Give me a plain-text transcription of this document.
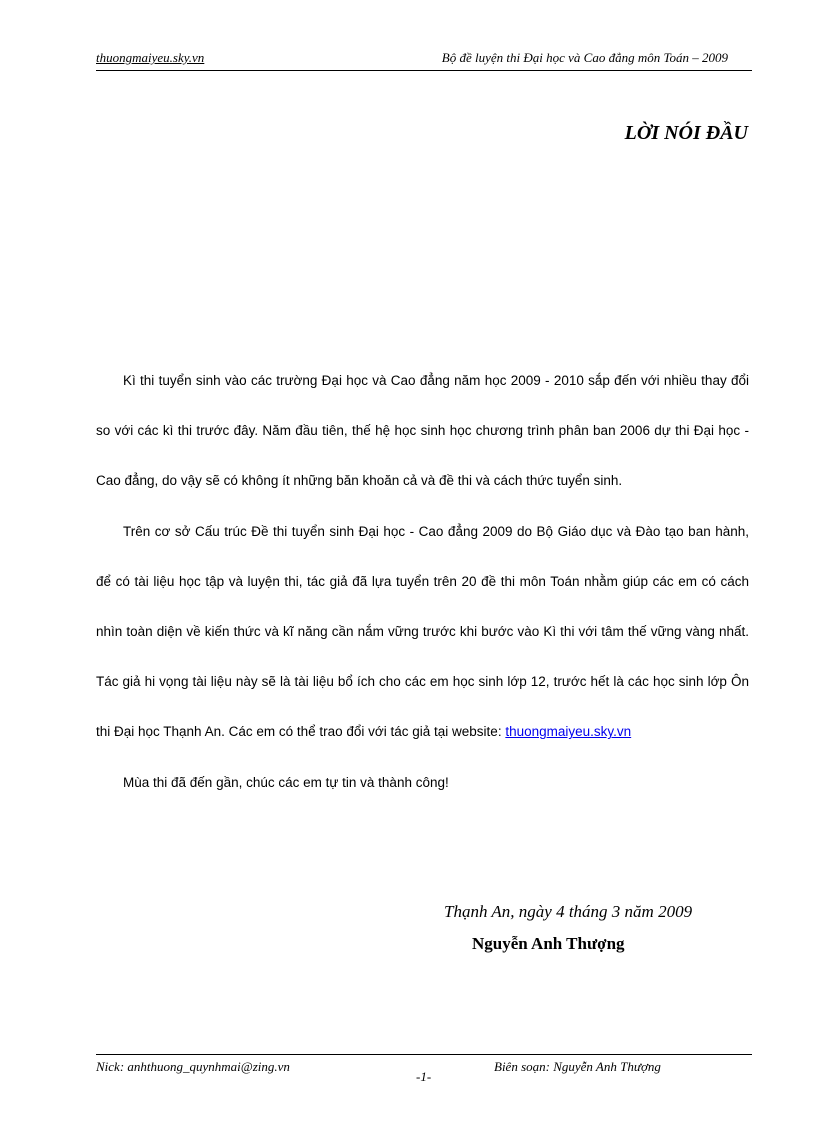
thuongmaiyeu.sky.vn	Bộ đề luyện thi Đại học và Cao đẳng môn Toán – 2009
LỜI NÓI ĐẦU

Kì thi tuyển sinh vào các trường Đại học và Cao đẳng năm học 2009 - 2010 sắp đến với nhiều thay đổi so với các kì thi trước đây. Năm đầu tiên, thế hệ học sinh học chương trình phân ban 2006 dự thi Đại học - Cao đẳng, do vậy sẽ có không ít những băn khoăn cả và đề thi và cách thức tuyển sinh.

Trên cơ sở Cấu trúc Đề thi tuyển sinh Đại học - Cao đẳng 2009 do Bộ Giáo dục và Đào tạo ban hành, để có tài liệu học tập và luyện thi, tác giả đã lựa tuyển trên 20 đề thi môn Toán nhằm giúp các em có cách nhìn toàn diện về kiến thức và kĩ năng cần nắm vững trước khi bước vào Kì thi với tâm thế vững vàng nhất. Tác giả hi vọng tài liệu này sẽ là tài liệu bổ ích cho các em học sinh lớp 12, trước hết là các học sinh lớp Ôn thi Đại học Thạnh An. Các em có thể trao đổi với tác giả tại website: thuongmaiyeu.sky.vn

Mùa thi đã đến gần, chúc các em tự tin và thành công!

Thạnh An, ngày 4 tháng 3 năm 2009
Nguyễn Anh Thượng
Nick: anhthuong_quynhmai@zing.vn
-1-
Biên soạn: Nguyễn Anh Thượng
